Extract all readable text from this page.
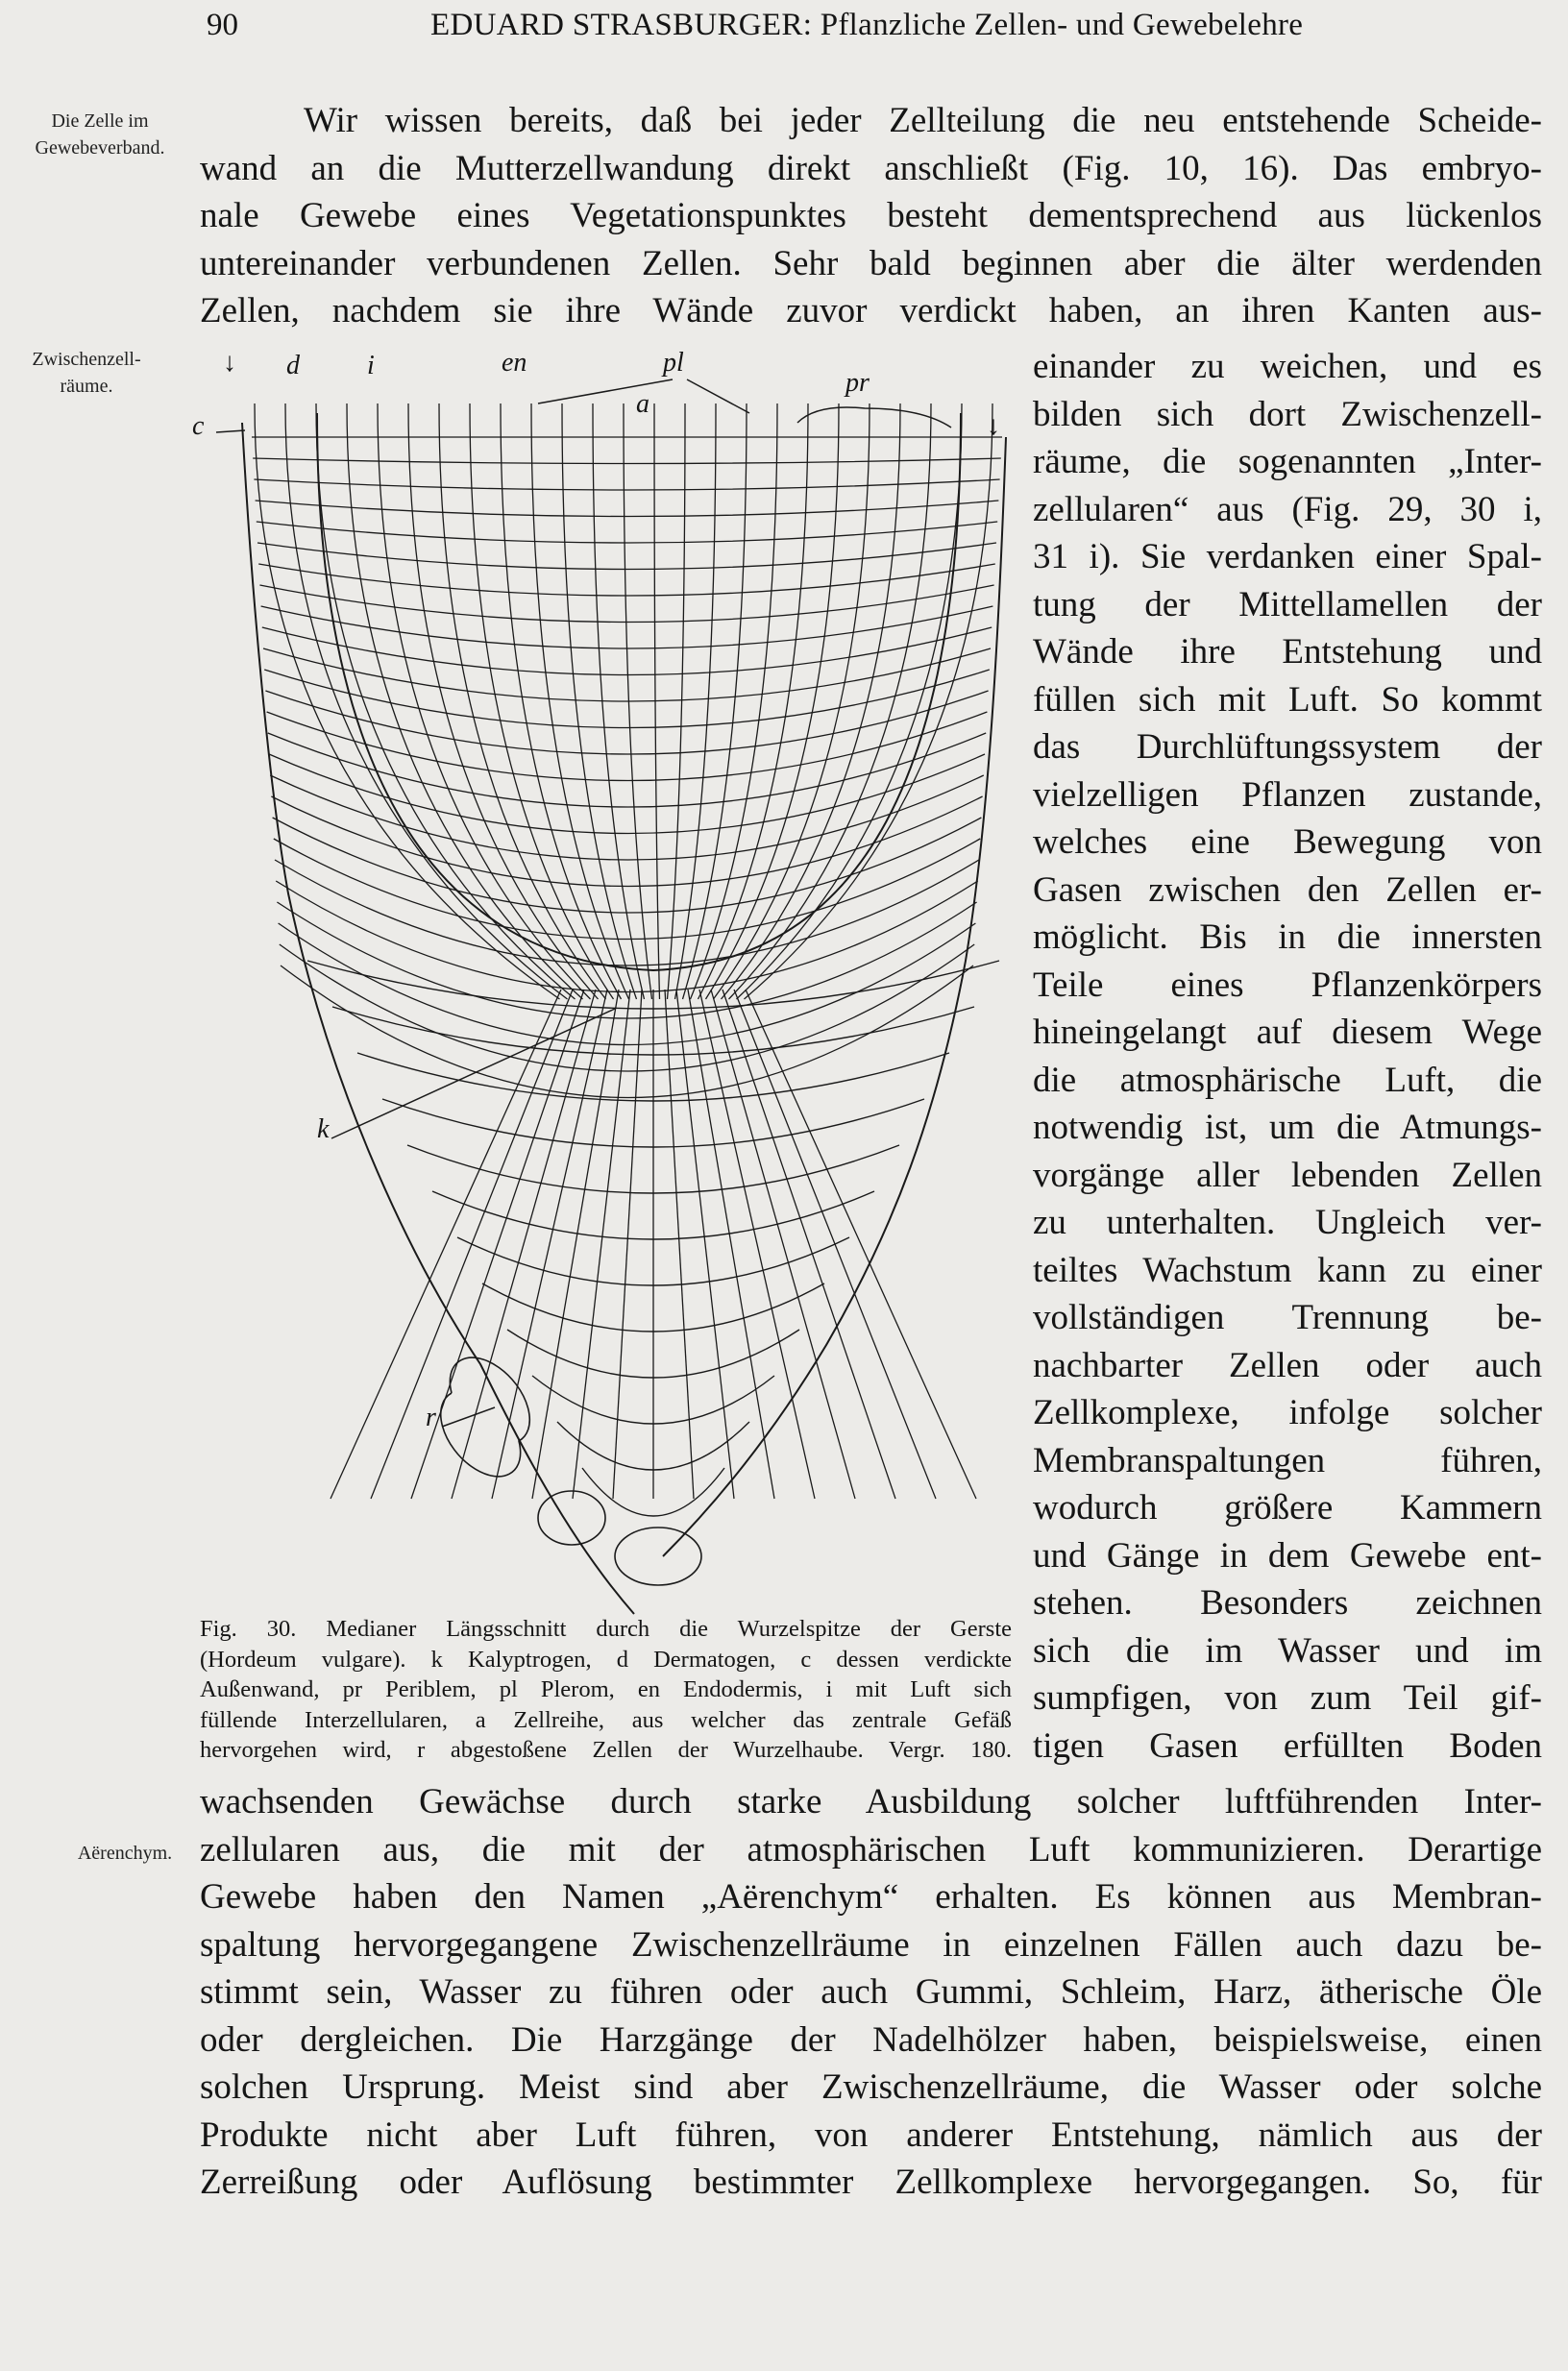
90	EDUARD STRASBURGER: Pflanzliche Zellen- und Gewebelehre
Die Zelle im
Gewebeverband.
Zwischenzell-
räume.
Aërenchym.
Wir wissen bereits, daß bei jeder Zellteilung die neu entstehende Scheide-
wand an die Mutterzellwandung direkt anschließt (Fig. 10, 16). Das embryo-
nale Gewebe eines Vegetationspunktes besteht dementsprechend aus lückenlos
untereinander verbundenen Zellen. Sehr bald beginnen aber die älter werdenden
Zellen, nachdem sie ihre Wände zuvor verdickt haben, an ihren Kanten aus-
einander zu weichen, und es
bilden sich dort Zwischenzell-
räume, die sogenannten „Inter-
zellularen“ aus (Fig. 29, 30 i,
31 i). Sie verdanken einer Spal-
tung der Mittellamellen der
Wände ihre Entstehung und
füllen sich mit Luft. So kommt
das Durchlüftungssystem der
vielzelligen Pflanzen zustande,
welches eine Bewegung von
Gasen zwischen den Zellen er-
möglicht. Bis in die innersten
Teile eines Pflanzenkörpers
hineingelangt auf diesem Wege
die atmosphärische Luft, die
notwendig ist, um die Atmungs-
vorgänge aller lebenden Zellen
zu unterhalten. Ungleich ver-
teiltes Wachstum kann zu einer
vollständigen Trennung be-
nachbarter Zellen oder auch
Zellkomplexe, infolge solcher
Membranspaltungen führen,
wodurch größere Kammern
und Gänge in dem Gewebe ent-
stehen. Besonders zeichnen
sich die im Wasser und im
sumpfigen, von zum Teil gif-
tigen Gasen erfüllten Boden
wachsenden Gewächse durch starke Ausbildung solcher luftführenden Inter-
zellularen aus, die mit der atmosphärischen Luft kommunizieren. Derartige
Gewebe haben den Namen „Aërenchym“ erhalten. Es können aus Membran-
spaltung hervorgegangene Zwischenzellräume in einzelnen Fällen auch dazu be-
stimmt sein, Wasser zu führen oder auch Gummi, Schleim, Harz, ätherische Öle
oder dergleichen. Die Harzgänge der Nadelhölzer haben, beispielsweise, einen
solchen Ursprung. Meist sind aber Zwischenzellräume, die Wasser oder solche
Produkte nicht aber Luft führen, von anderer Entstehung, nämlich aus der
Zerreißung oder Auflösung bestimmter Zellkomplexe hervorgegangen. So, für
↓ d	i	en	pl
a
pr
↓
c
k
r
Fig. 30. Medianer Längsschnitt durch die Wurzelspitze der Gerste
(Hordeum vulgare). k Kalyptrogen, d Dermatogen, c dessen verdickte
Außenwand, pr Periblem, pl Plerom, en Endodermis, i mit Luft sich
füllende Interzellularen, a Zellreihe, aus welcher das zentrale Gefäß
hervorgehen wird, r abgestoßene Zellen der Wurzelhaube. Vergr. 180.
